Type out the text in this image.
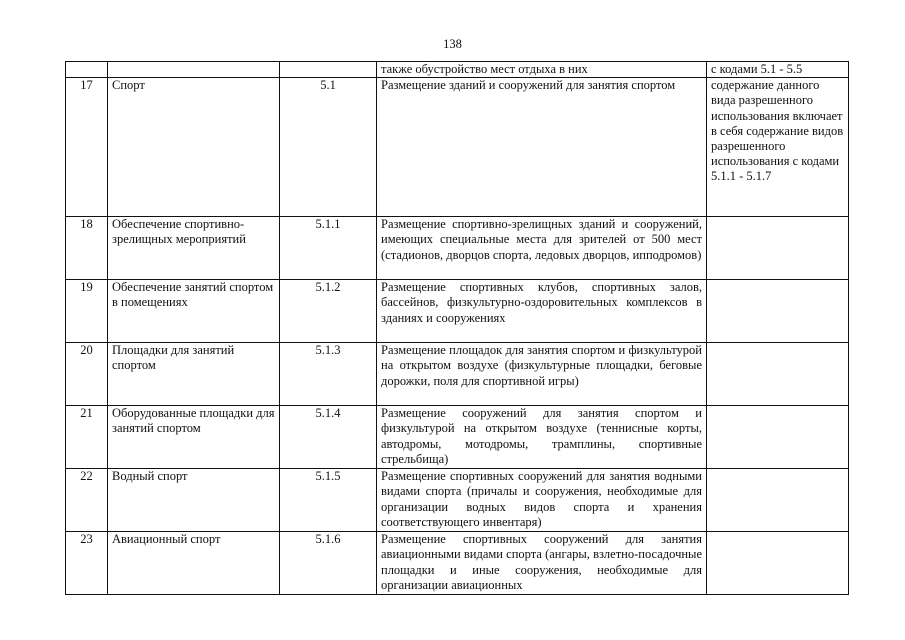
138
			также обустройство мест отдыха в них	с кодами 5.1 - 5.5
17	Спорт	5.1	Размещение зданий и сооружений для занятия спортом	содержание данного вида разрешенного использования включает в себя содержание видов разрешенного использования с кодами 5.1.1 - 5.1.7
18	Обеспечение спортивно-зрелищных мероприятий	5.1.1	Размещение спортивно-зрелищных зданий и сооружений, имеющих специальные места для зрителей от 500 мест (стадионов, дворцов спорта, ледовых дворцов, ипподромов)	
19	Обеспечение занятий спортом в помещениях	5.1.2	Размещение спортивных клубов, спортивных залов, бассейнов, физкультурно-оздоровительных комплексов в зданиях и сооружениях	
20	Площадки для занятий спортом	5.1.3	Размещение площадок для занятия спортом и физкультурой на открытом воздухе (физкультурные площадки, беговые дорожки, поля для спортивной игры)	
21	Оборудованные площадки для занятий спортом	5.1.4	Размещение сооружений для занятия спортом и физкультурой на открытом воздухе (теннисные корты, автодромы, мотодромы, трамплины, спортивные стрельбища)	
22	Водный спорт	5.1.5	Размещение спортивных сооружений для занятия водными видами спорта (причалы и сооружения, необходимые для организации водных видов спорта и хранения соответствующего инвентаря)	
23	Авиационный спорт	5.1.6	Размещение спортивных сооружений для занятия авиационными видами спорта (ангары, взлетно-посадочные площадки и иные сооружения, необходимые для организации авиационных	
